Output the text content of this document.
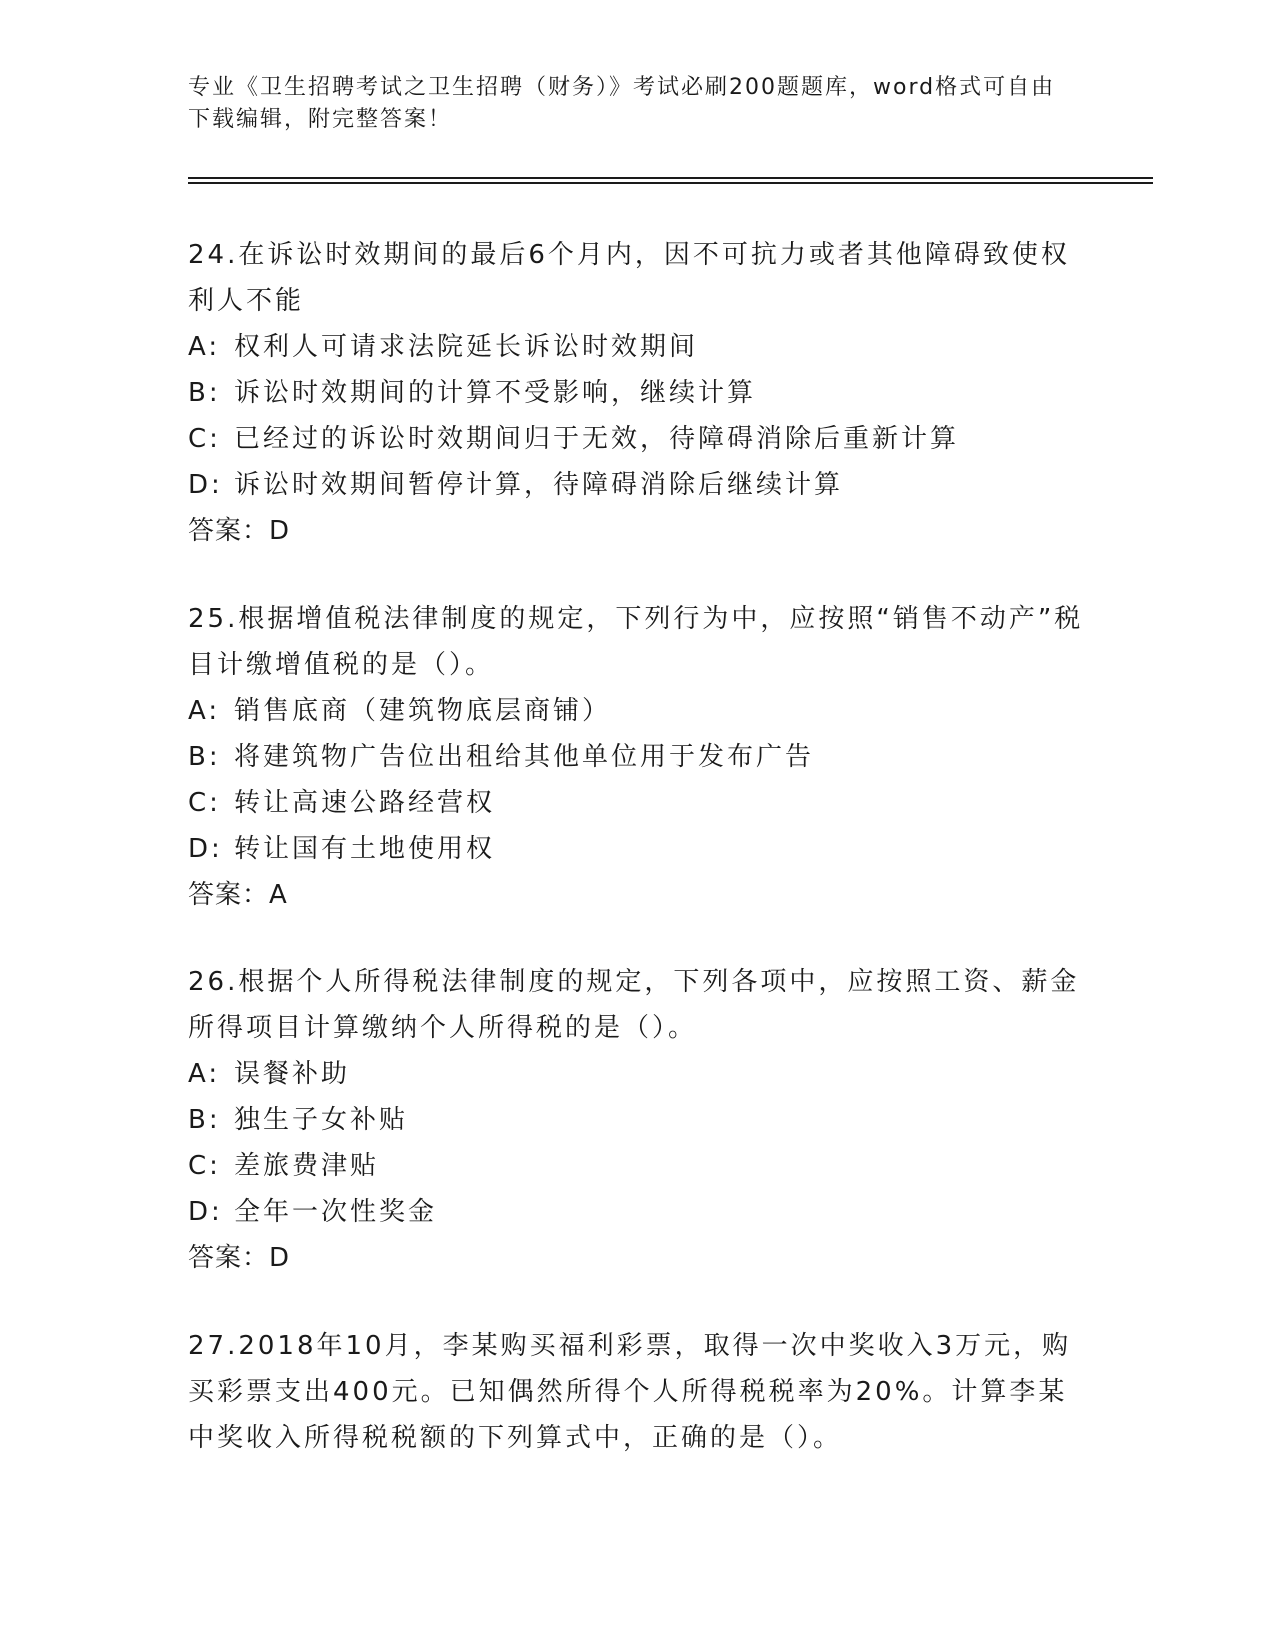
专业《卫生招聘考试之卫生招聘（财务）》考试必刷200题题库，word格式可自由下载编辑，附完整答案！

24.在诉讼时效期间的最后6个月内，因不可抗力或者其他障碍致使权利人不能

A: 权利人可请求法院延长诉讼时效期间
B: 诉讼时效期间的计算不受影响，继续计算
C: 已经过的诉讼时效期间归于无效，待障碍消除后重新计算
D: 诉讼时效期间暂停计算，待障碍消除后继续计算
答案：D

25.根据增值税法律制度的规定，下列行为中，应按照“销售不动产”税目计缴增值税的是（）。

A: 销售底商（建筑物底层商铺）
B: 将建筑物广告位出租给其他单位用于发布广告
C: 转让高速公路经营权
D: 转让国有土地使用权
答案：A

26.根据个人所得税法律制度的规定，下列各项中，应按照工资、薪金所得项目计算缴纳个人所得税的是（）。

A: 误餐补助
B: 独生子女补贴
C: 差旅费津贴
D: 全年一次性奖金
答案：D

27.2018年10月，李某购买福利彩票，取得一次中奖收入3万元，购买彩票支出400元。已知偶然所得个人所得税税率为20%。计算李某中奖收入所得税税额的下列算式中，正确的是（）。
